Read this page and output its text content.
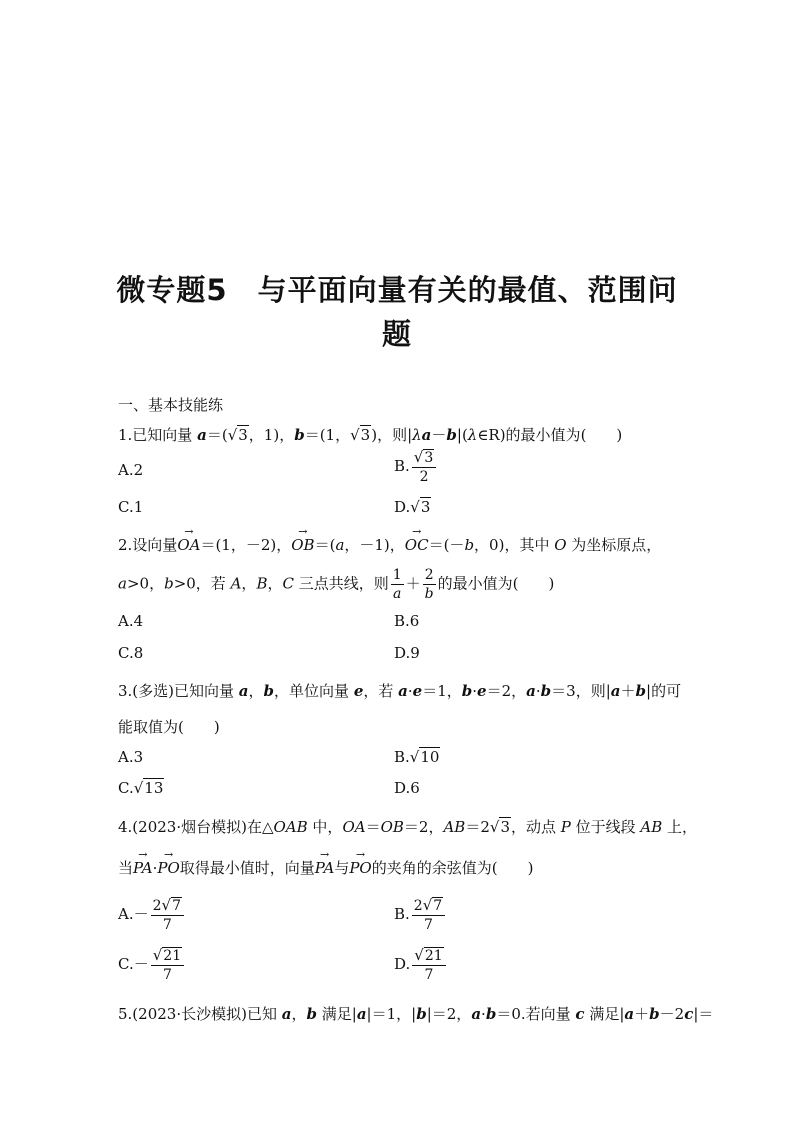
微专题5　与平面向量有关的最值、范围问
题
一、基本技能练
1.已知向量 a＝(√3，1)，b＝(1，√3)，则|λa－b|(λ∈R)的最小值为(　　)
A.2	B. $\frac{√3}{2}$
C.1	D.√3
2.设向量→ OA＝(1，－2)，→ OB＝(a，－1)，→ OC＝(－b，0)，其中 O 为坐标原点，
a>0，b>0，若 A，B，C 三点共线，则 $\frac{1}{a} + \frac{2}{b}$ 的最小值为(　　)
A.4	B.6
C.8	D.9
3.(多选)已知向量 a，b，单位向量 e，若 a·e＝1，b·e＝2，a·b＝3，则|a＋b|的可
能取值为(　　)
A.3	B.√10
C.√13	D.6
4.(2023·烟台模拟)在△OAB 中，OA＝OB＝2，AB＝2√3，动点 P 位于线段 AB 上，
当→ PA·→ PO取得最小值时，向量→ PA与→ PO的夹角的余弦值为(　　)
$A.- \frac{2√7}{7}$	B. $\frac{2√7}{7}$
$C.- \frac{√21}{7}$	D. $\frac{√21}{7}$
5.(2023·长沙模拟)已知 a，b 满足|a|＝1，|b|＝2，a·b＝0.若向量 c 满足|a＋b－2c|＝
